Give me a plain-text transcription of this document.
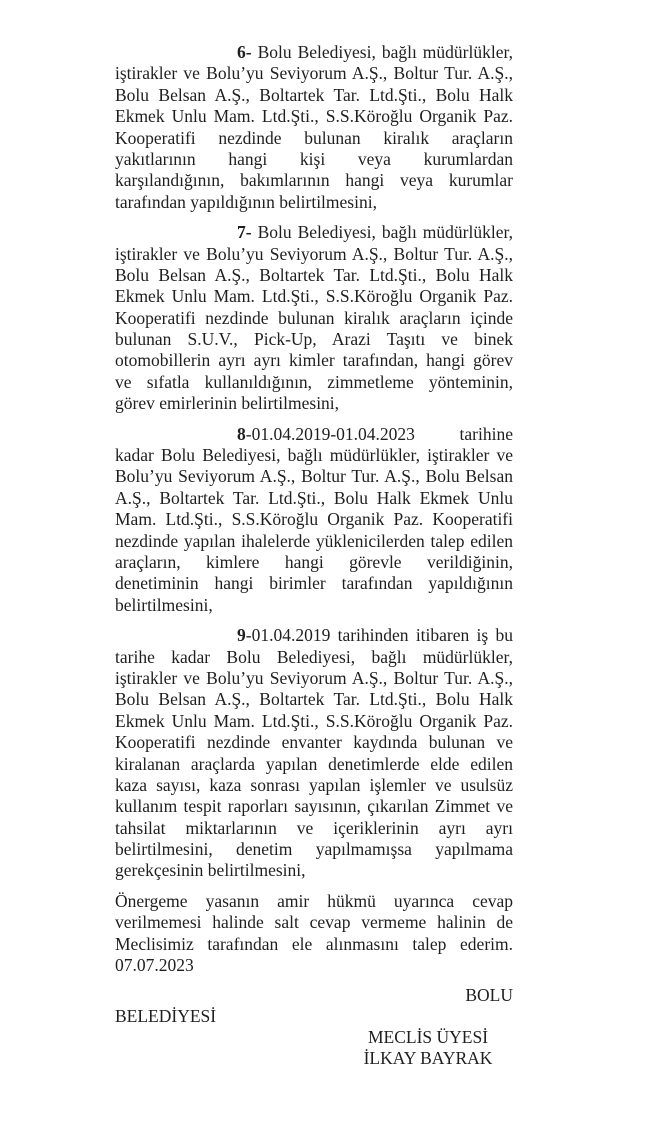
6- Bolu Belediyesi, bağlı müdürlükler,
iştirakler ve Bolu’yu Seviyorum A.Ş., Boltur Tur. A.Ş.,
Bolu Belsan A.Ş., Boltartek Tar. Ltd.Şti., Bolu Halk
Ekmek Unlu Mam. Ltd.Şti., S.S.Köroğlu Organik Paz.
Kooperatifi nezdinde bulunan kiralık araçların
yakıtlarının hangi kişi veya kurumlardan
karşılandığının, bakımlarının hangi veya kurumlar
tarafından yapıldığının belirtilmesini,
7- Bolu Belediyesi, bağlı müdürlükler,
iştirakler ve Bolu’yu Seviyorum A.Ş., Boltur Tur. A.Ş.,
Bolu Belsan A.Ş., Boltartek Tar. Ltd.Şti., Bolu Halk
Ekmek Unlu Mam. Ltd.Şti., S.S.Köroğlu Organik Paz.
Kooperatifi nezdinde bulunan kiralık araçların içinde
bulunan S.U.V., Pick-Up, Arazi Taşıtı ve binek
otomobillerin ayrı ayrı kimler tarafından, hangi görev
ve sıfatla kullanıldığının, zimmetleme yönteminin,
görev emirlerinin belirtilmesini,
8-01.04.2019-01.04.2023 tarihine
kadar Bolu Belediyesi, bağlı müdürlükler, iştirakler ve
Bolu’yu Seviyorum A.Ş., Boltur Tur. A.Ş., Bolu Belsan
A.Ş., Boltartek Tar. Ltd.Şti., Bolu Halk Ekmek Unlu
Mam. Ltd.Şti., S.S.Köroğlu Organik Paz. Kooperatifi
nezdinde yapılan ihalelerde yüklenicilerden talep edilen
araçların, kimlere hangi görevle verildiğinin,
denetiminin hangi birimler tarafından yapıldığının
belirtilmesini,
9-01.04.2019 tarihinden itibaren iş bu
tarihe kadar Bolu Belediyesi, bağlı müdürlükler,
iştirakler ve Bolu’yu Seviyorum A.Ş., Boltur Tur. A.Ş.,
Bolu Belsan A.Ş., Boltartek Tar. Ltd.Şti., Bolu Halk
Ekmek Unlu Mam. Ltd.Şti., S.S.Köroğlu Organik Paz.
Kooperatifi nezdinde envanter kaydında bulunan ve
kiralanan araçlarda yapılan denetimlerde elde edilen
kaza sayısı, kaza sonrası yapılan işlemler ve usulsüz
kullanım tespit raporları sayısının, çıkarılan Zimmet ve
tahsilat miktarlarının ve içeriklerinin ayrı ayrı
belirtilmesini, denetim yapılmamışsa yapılmama
gerekçesinin belirtilmesini,
Önergeme yasanın amir hükmü uyarınca cevap
verilmemesi halinde salt cevap vermeme halinin de
Meclisimiz tarafından ele alınmasını talep ederim.
07.07.2023
BOLU
BELEDİYESİ
MECLİS ÜYESİ
İLKAY BAYRAK
